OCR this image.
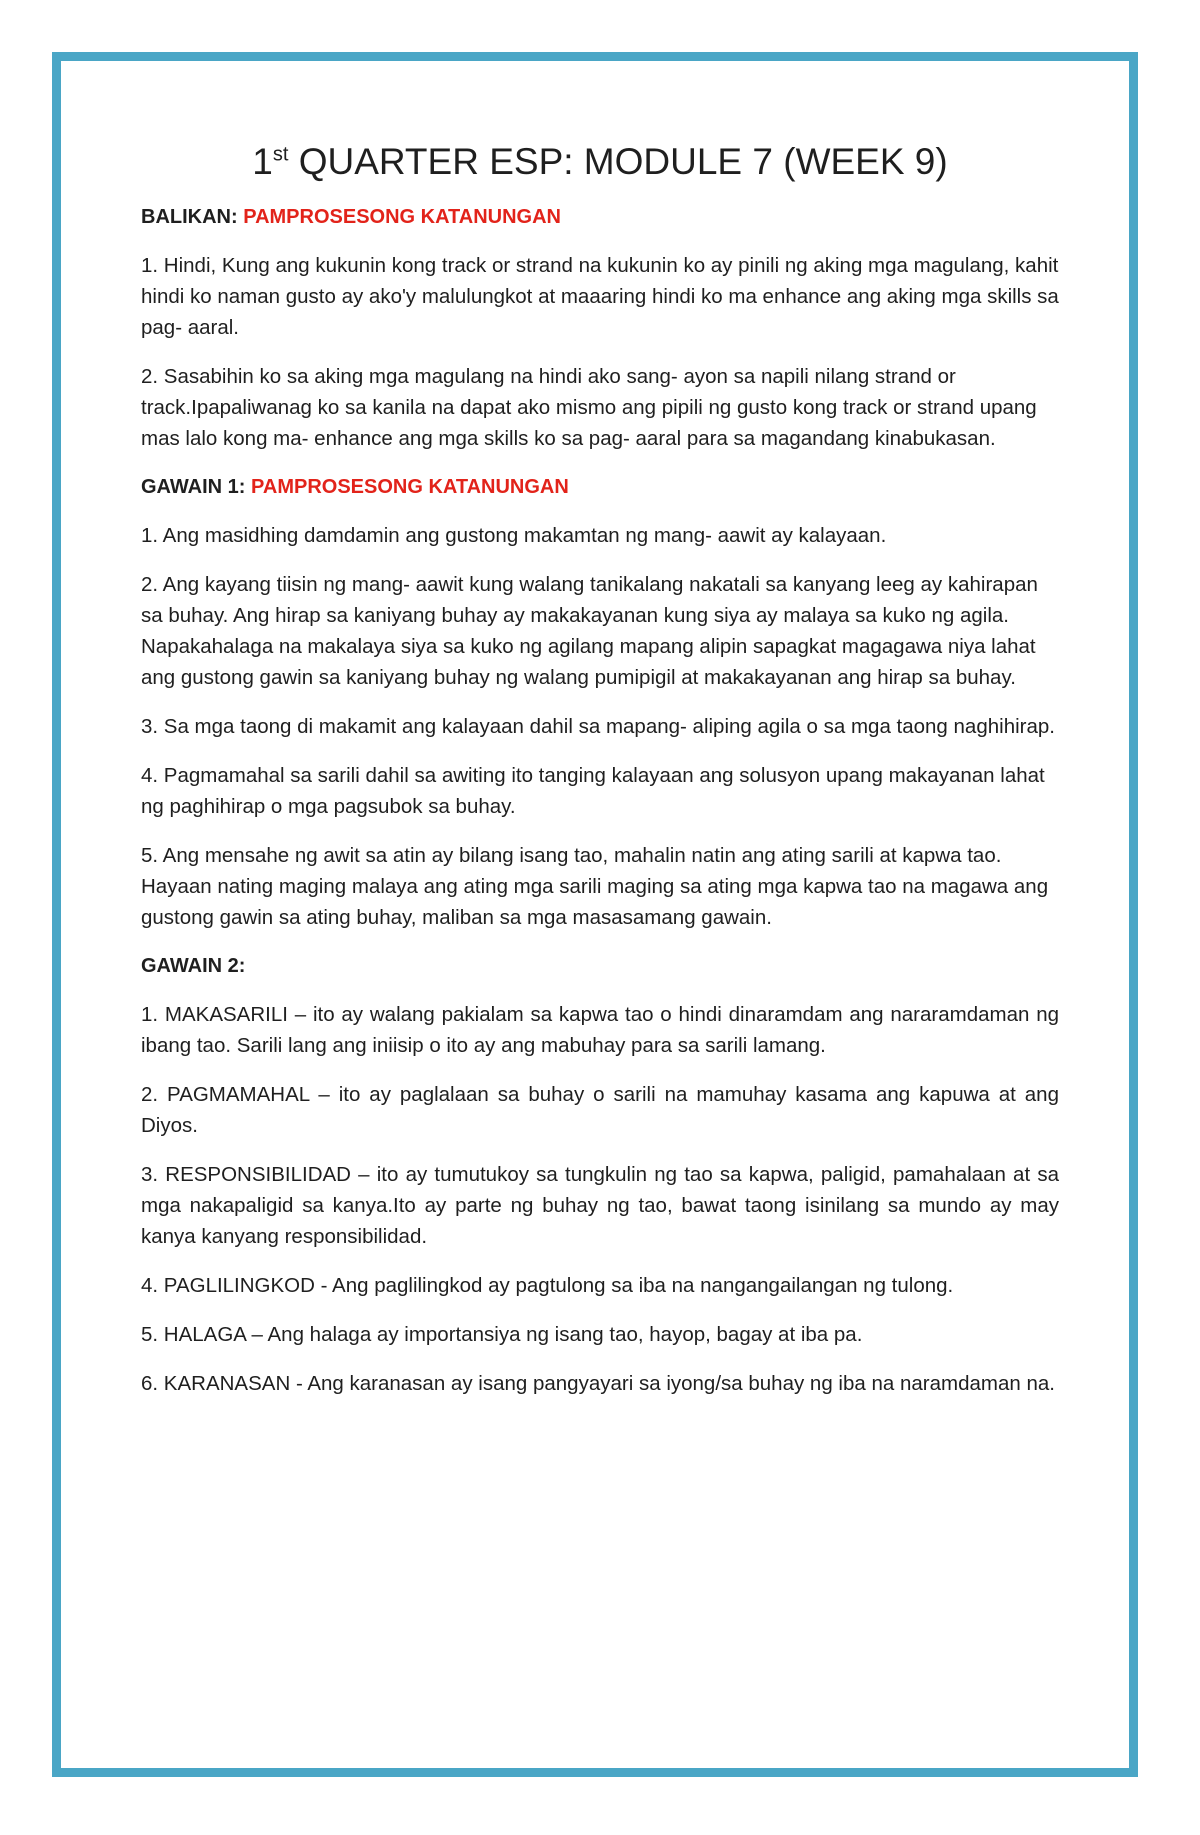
1st QUARTER ESP: MODULE 7 (WEEK 9)
BALIKAN: PAMPROSESONG KATANUNGAN

1. Hindi, Kung ang kukunin kong track or strand na kukunin ko ay pinili ng aking mga magulang, kahit hindi ko naman gusto ay ako'y malulungkot at maaaring hindi ko ma enhance ang aking mga skills sa pag- aaral.

2. Sasabihin ko sa aking mga magulang na hindi ako sang- ayon sa napili nilang strand or track.Ipapaliwanag ko sa kanila na dapat ako mismo ang pipili ng gusto kong track or strand upang mas lalo kong ma- enhance ang mga skills ko sa pag- aaral para sa magandang kinabukasan.

GAWAIN 1: PAMPROSESONG KATANUNGAN

1. Ang masidhing damdamin ang gustong makamtan ng mang- aawit ay kalayaan.

2. Ang kayang tiisin ng mang- aawit kung walang tanikalang nakatali sa kanyang leeg ay kahirapan sa buhay. Ang hirap sa kaniyang buhay ay makakayanan kung siya ay malaya sa kuko ng agila. Napakahalaga na makalaya siya sa kuko ng agilang mapang alipin sapagkat magagawa niya lahat ang gustong gawin sa kaniyang buhay ng walang pumipigil at makakayanan ang hirap sa buhay.

3. Sa mga taong di makamit ang kalayaan dahil sa mapang- aliping agila o sa mga taong naghihirap.

4. Pagmamahal sa sarili dahil sa awiting ito tanging kalayaan ang solusyon upang makayanan lahat ng paghihirap o mga pagsubok sa buhay.

5. Ang mensahe ng awit sa atin ay bilang isang tao, mahalin natin ang ating sarili at kapwa tao. Hayaan nating maging malaya ang ating mga sarili maging sa ating mga kapwa tao na magawa ang gustong gawin sa ating buhay, maliban sa mga masasamang gawain.

GAWAIN 2:

1. MAKASARILI – ito ay walang pakialam sa kapwa tao o hindi dinaramdam ang nararamdaman ng ibang tao. Sarili lang ang iniisip o ito ay ang mabuhay para sa sarili lamang.

2. PAGMAMAHAL – ito ay paglalaan sa buhay o sarili na mamuhay kasama ang kapuwa at ang Diyos.

3. RESPONSIBILIDAD – ito ay tumutukoy sa tungkulin ng tao sa kapwa, paligid, pamahalaan at sa mga nakapaligid sa kanya.Ito ay parte ng buhay ng tao, bawat taong isinilang sa mundo ay may kanya kanyang responsibilidad.

4. PAGLILINGKOD - Ang paglilingkod ay pagtulong sa iba na nangangailangan ng tulong.

5. HALAGA – Ang halaga ay importansiya ng isang tao, hayop, bagay at iba pa.

6. KARANASAN - Ang karanasan ay isang pangyayari sa iyong/sa buhay ng iba na naramdaman na.
